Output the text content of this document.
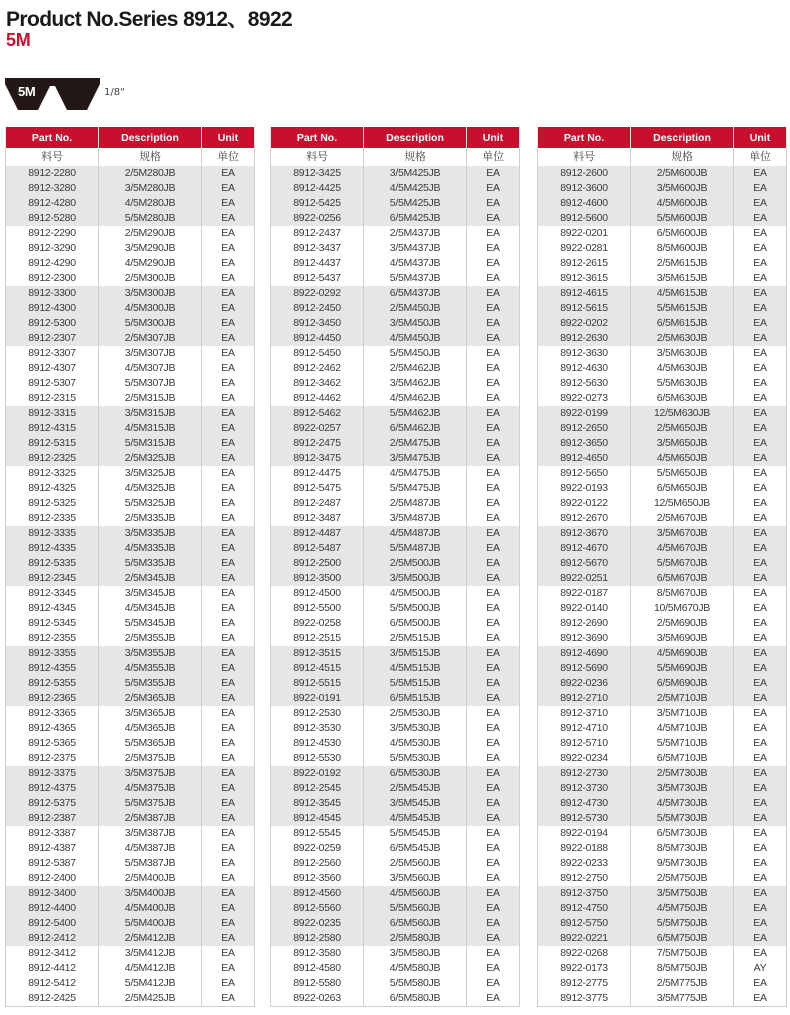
Product No.Series 8912、8922
5M
5M	1/8"
Part No.	Description	Unit
料号	规格	单位
8912-2280	2/5M280JB	EA
8912-3280	3/5M280JB	EA
8912-4280	4/5M280JB	EA
8912-5280	5/5M280JB	EA
8912-2290	2/5M290JB	EA
8912-3290	3/5M290JB	EA
8912-4290	4/5M290JB	EA
8912-2300	2/5M300JB	EA
8912-3300	3/5M300JB	EA
8912-4300	4/5M300JB	EA
8912-5300	5/5M300JB	EA
8912-2307	2/5M307JB	EA
8912-3307	3/5M307JB	EA
8912-4307	4/5M307JB	EA
8912-5307	5/5M307JB	EA
8912-2315	2/5M315JB	EA
8912-3315	3/5M315JB	EA
8912-4315	4/5M315JB	EA
8912-5315	5/5M315JB	EA
8912-2325	2/5M325JB	EA
8912-3325	3/5M325JB	EA
8912-4325	4/5M325JB	EA
8912-5325	5/5M325JB	EA
8912-2335	2/5M335JB	EA
8912-3335	3/5M335JB	EA
8912-4335	4/5M335JB	EA
8912-5335	5/5M335JB	EA
8912-2345	2/5M345JB	EA
8912-3345	3/5M345JB	EA
8912-4345	4/5M345JB	EA
8912-5345	5/5M345JB	EA
8912-2355	2/5M355JB	EA
8912-3355	3/5M355JB	EA
8912-4355	4/5M355JB	EA
8912-5355	5/5M355JB	EA
8912-2365	2/5M365JB	EA
8912-3365	3/5M365JB	EA
8912-4365	4/5M365JB	EA
8912-5365	5/5M365JB	EA
8912-2375	2/5M375JB	EA
8912-3375	3/5M375JB	EA
8912-4375	4/5M375JB	EA
8912-5375	5/5M375JB	EA
8912-2387	2/5M387JB	EA
8912-3387	3/5M387JB	EA
8912-4387	4/5M387JB	EA
8912-5387	5/5M387JB	EA
8912-2400	2/5M400JB	EA
8912-3400	3/5M400JB	EA
8912-4400	4/5M400JB	EA
8912-5400	5/5M400JB	EA
8912-2412	2/5M412JB	EA
8912-3412	3/5M412JB	EA
8912-4412	4/5M412JB	EA
8912-5412	5/5M412JB	EA
8912-2425	2/5M425JB	EA
Part No.	Description	Unit
料号	规格	单位
8912-3425	3/5M425JB	EA
8912-4425	4/5M425JB	EA
8912-5425	5/5M425JB	EA
8922-0256	6/5M425JB	EA
8912-2437	2/5M437JB	EA
8912-3437	3/5M437JB	EA
8912-4437	4/5M437JB	EA
8912-5437	5/5M437JB	EA
8922-0292	6/5M437JB	EA
8912-2450	2/5M450JB	EA
8912-3450	3/5M450JB	EA
8912-4450	4/5M450JB	EA
8912-5450	5/5M450JB	EA
8912-2462	2/5M462JB	EA
8912-3462	3/5M462JB	EA
8912-4462	4/5M462JB	EA
8912-5462	5/5M462JB	EA
8922-0257	6/5M462JB	EA
8912-2475	2/5M475JB	EA
8912-3475	3/5M475JB	EA
8912-4475	4/5M475JB	EA
8912-5475	5/5M475JB	EA
8912-2487	2/5M487JB	EA
8912-3487	3/5M487JB	EA
8912-4487	4/5M487JB	EA
8912-5487	5/5M487JB	EA
8912-2500	2/5M500JB	EA
8912-3500	3/5M500JB	EA
8912-4500	4/5M500JB	EA
8912-5500	5/5M500JB	EA
8922-0258	6/5M500JB	EA
8912-2515	2/5M515JB	EA
8912-3515	3/5M515JB	EA
8912-4515	4/5M515JB	EA
8912-5515	5/5M515JB	EA
8922-0191	6/5M515JB	EA
8912-2530	2/5M530JB	EA
8912-3530	3/5M530JB	EA
8912-4530	4/5M530JB	EA
8912-5530	5/5M530JB	EA
8922-0192	6/5M530JB	EA
8912-2545	2/5M545JB	EA
8912-3545	3/5M545JB	EA
8912-4545	4/5M545JB	EA
8912-5545	5/5M545JB	EA
8922-0259	6/5M545JB	EA
8912-2560	2/5M560JB	EA
8912-3560	3/5M560JB	EA
8912-4560	4/5M560JB	EA
8912-5560	5/5M560JB	EA
8922-0235	6/5M560JB	EA
8912-2580	2/5M580JB	EA
8912-3580	3/5M580JB	EA
8912-4580	4/5M580JB	EA
8912-5580	5/5M580JB	EA
8922-0263	6/5M580JB	EA
Part No.	Description	Unit
料号	规格	单位
8912-2600	2/5M600JB	EA
8912-3600	3/5M600JB	EA
8912-4600	4/5M600JB	EA
8912-5600	5/5M600JB	EA
8922-0201	6/5M600JB	EA
8922-0281	8/5M600JB	EA
8912-2615	2/5M615JB	EA
8912-3615	3/5M615JB	EA
8912-4615	4/5M615JB	EA
8912-5615	5/5M615JB	EA
8922-0202	6/5M615JB	EA
8912-2630	2/5M630JB	EA
8912-3630	3/5M630JB	EA
8912-4630	4/5M630JB	EA
8912-5630	5/5M630JB	EA
8922-0273	6/5M630JB	EA
8922-0199	12/5M630JB	EA
8912-2650	2/5M650JB	EA
8912-3650	3/5M650JB	EA
8912-4650	4/5M650JB	EA
8912-5650	5/5M650JB	EA
8922-0193	6/5M650JB	EA
8922-0122	12/5M650JB	EA
8912-2670	2/5M670JB	EA
8912-3670	3/5M670JB	EA
8912-4670	4/5M670JB	EA
8912-5670	5/5M670JB	EA
8922-0251	6/5M670JB	EA
8922-0187	8/5M670JB	EA
8922-0140	10/5M670JB	EA
8912-2690	2/5M690JB	EA
8912-3690	3/5M690JB	EA
8912-4690	4/5M690JB	EA
8912-5690	5/5M690JB	EA
8922-0236	6/5M690JB	EA
8912-2710	2/5M710JB	EA
8912-3710	3/5M710JB	EA
8912-4710	4/5M710JB	EA
8912-5710	5/5M710JB	EA
8922-0234	6/5M710JB	EA
8912-2730	2/5M730JB	EA
8912-3730	3/5M730JB	EA
8912-4730	4/5M730JB	EA
8912-5730	5/5M730JB	EA
8922-0194	6/5M730JB	EA
8922-0188	8/5M730JB	EA
8922-0233	9/5M730JB	EA
8912-2750	2/5M750JB	EA
8912-3750	3/5M750JB	EA
8912-4750	4/5M750JB	EA
8912-5750	5/5M750JB	EA
8922-0221	6/5M750JB	EA
8922-0268	7/5M750JB	EA
8922-0173	8/5M750JB	AY
8912-2775	2/5M775JB	EA
8912-3775	3/5M775JB	EA
